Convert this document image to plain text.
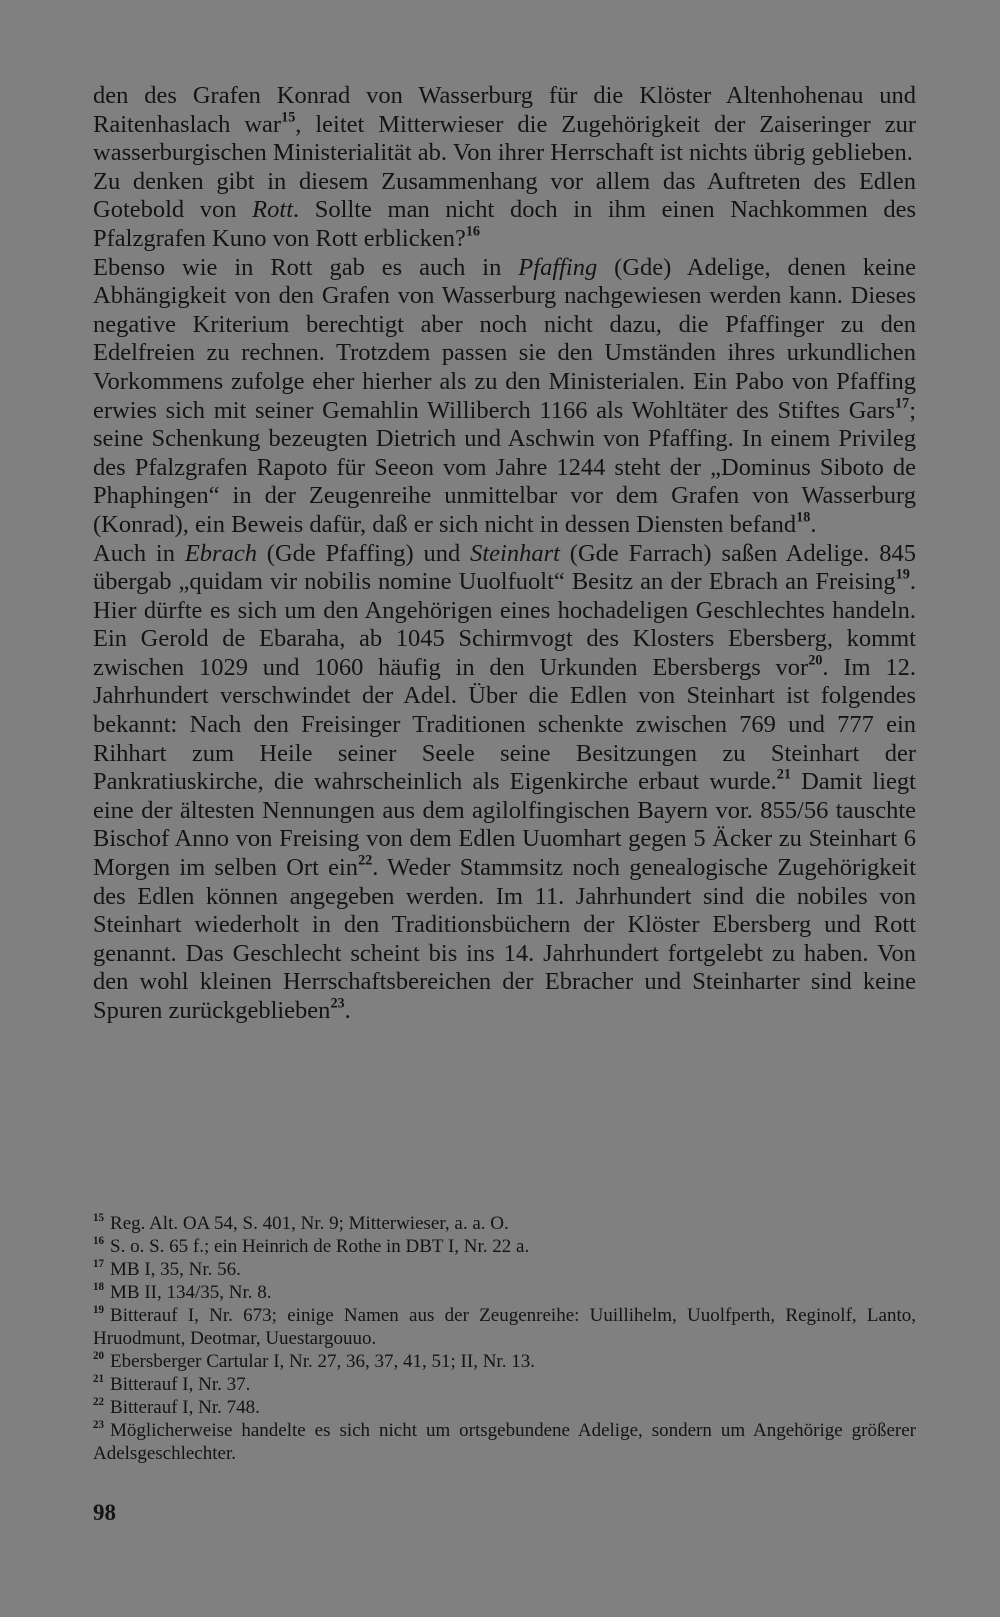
den des Grafen Konrad von Wasserburg für die Klöster Altenhohenau und Raitenhaslach war$^{15}$, leitet Mitterwieser die Zugehörigkeit der Zaiseringer zur wasserburgischen Ministerialität ab. Von ihrer Herrschaft ist nichts übrig geblieben.

Zu denken gibt in diesem Zusammenhang vor allem das Auftreten des Edlen Gotebold von Rott. Sollte man nicht doch in ihm einen Nachkommen des Pfalzgrafen Kuno von Rott erblicken?$^{16}$

Ebenso wie in Rott gab es auch in Pfaffing (Gde) Adelige, denen keine Abhängigkeit von den Grafen von Wasserburg nachgewiesen werden kann. Dieses negative Kriterium berechtigt aber noch nicht dazu, die Pfaffinger zu den Edelfreien zu rechnen. Trotzdem passen sie den Umständen ihres urkundlichen Vorkommens zufolge eher hierher als zu den Ministerialen. Ein Pabo von Pfaffing erwies sich mit seiner Gemahlin Williberch 1166 als Wohltäter des Stiftes Gars$^{17}$; seine Schenkung bezeugten Dietrich und Aschwin von Pfaffing. In einem Privileg des Pfalzgrafen Rapoto für Seeon vom Jahre 1244 steht der „Dominus Siboto de Phaphingen“ in der Zeugenreihe unmittelbar vor dem Grafen von Wasserburg (Konrad), ein Beweis dafür, daß er sich nicht in dessen Diensten befand$^{18}$.

Auch in Ebrach (Gde Pfaffing) und Steinhart (Gde Farrach) saßen Adelige. 845 übergab „quidam vir nobilis nomine Uuolfuolt“ Besitz an der Ebrach an Freising$^{19}$. Hier dürfte es sich um den Angehörigen eines hochadeligen Geschlechtes handeln. Ein Gerold de Ebaraha, ab 1045 Schirmvogt des Klosters Ebersberg, kommt zwischen 1029 und 1060 häufig in den Urkunden Ebersbergs vor$^{20}$. Im 12. Jahrhundert verschwindet der Adel. Über die Edlen von Steinhart ist folgendes bekannt: Nach den Freisinger Traditionen schenkte zwischen 769 und 777 ein Rihhart zum Heile seiner Seele seine Besitzungen zu Steinhart der Pankratiuskirche, die wahrscheinlich als Eigenkirche erbaut wurde.$^{21}$ Damit liegt eine der ältesten Nennungen aus dem agilolfingischen Bayern vor. 855/56 tauschte Bischof Anno von Freising von dem Edlen Uuomhart gegen 5 Äcker zu Steinhart 6 Morgen im selben Ort ein$^{22}$. Weder Stammsitz noch genealogische Zugehörigkeit des Edlen können angegeben werden. Im 11. Jahrhundert sind die nobiles von Steinhart wiederholt in den Traditionsbüchern der Klöster Ebersberg und Rott genannt. Das Geschlecht scheint bis ins 14. Jahrhundert fortgelebt zu haben. Von den wohl kleinen Herrschaftsbereichen der Ebracher und Steinharter sind keine Spuren zurückgeblieben$^{23}$.

$^{15}$ Reg. Alt. OA 54, S. 401, Nr. 9; Mitterwieser, a. a. O.

$^{16}$ S. o. S. 65 f.; ein Heinrich de Rothe in DBT I, Nr. 22 a.

$^{17}$ MB I, 35, Nr. 56.

$^{18}$ MB II, 134/35, Nr. 8.

$^{19}$ Bitterauf I, Nr. 673; einige Namen aus der Zeugenreihe: Uuillihelm, Uuolfperth, Reginolf, Lanto, Hruodmunt, Deotmar, Uuestargouuo.

$^{20}$ Ebersberger Cartular I, Nr. 27, 36, 37, 41, 51; II, Nr. 13.

$^{21}$ Bitterauf I, Nr. 37.

$^{22}$ Bitterauf I, Nr. 748.

$^{23}$ Möglicherweise handelte es sich nicht um ortsgebundene Adelige, sondern um Angehörige größerer Adelsgeschlechter.

98
